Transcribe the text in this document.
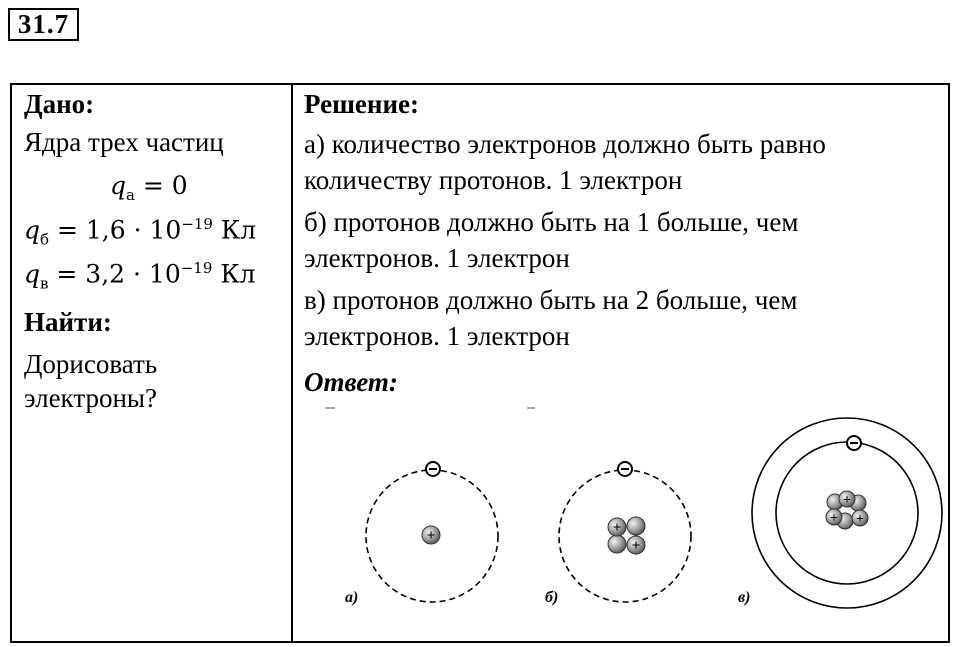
31.7
Дано:
Ядра трех частиц
$q_а = 0$
$q_б = 1,6 \cdot 10^{-19}$ Кл
$q_в = 3,2 \cdot 10^{-19}$ Кл
Найти:
Дорисовать
электроны?
Решение:
а) количество электронов должно быть равно
количеству протонов. 1 электрон
б) протонов должно быть на 1 больше, чем
электронов. 1 электрон
в) протонов должно быть на 2 больше, чем
электронов. 1 электрон
Ответ:
+
а)
+
+
б)
+
+ +
в)
